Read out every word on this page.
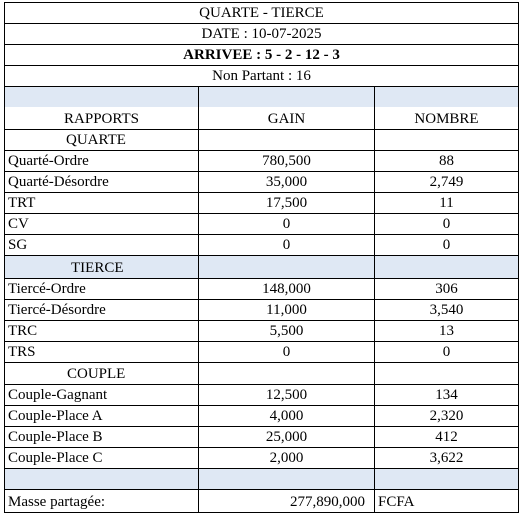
QUARTE - TIERCE
DATE : 10-07-2025
ARRIVEE : 5 - 2 - 12 - 3
Non Partant : 16
RAPPORTS	GAIN	NOMBRE
QUARTE
Quarté-Ordre	780,500	88
Quarté-Désordre	35,000	2,749
TRT	17,500	11
CV	0	0
SG	0	0
TIERCE
Tiercé-Ordre	148,000	306
Tiercé-Désordre	11,000	3,540
TRC	5,500	13
TRS	0	0
COUPLE
Couple-Gagnant	12,500	134
Couple-Place A	4,000	2,320
Couple-Place B	25,000	412
Couple-Place C	2,000	3,622
Masse partagée:	277,890,000 FCFA
